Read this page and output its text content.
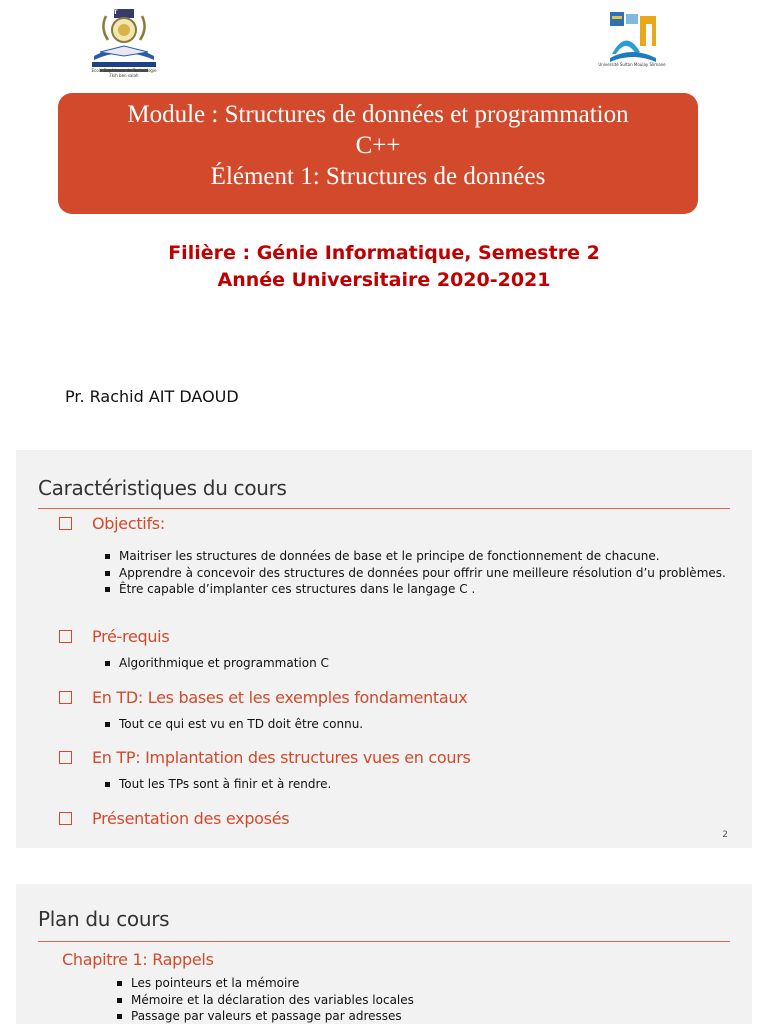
EST
Ecole Supérieure de Technologie
Fkih ben salah
Université Sultan Moulay Slimane
Module : Structures de données et programmation
C++
Élément 1: Structures de données
Filière : Génie Informatique, Semestre 2
Année Universitaire 2020-2021
Pr. Rachid AIT DAOUD
Caractéristiques du cours
Objectifs:
Maitriser les structures de données de base et le principe de fonctionnement de chacune.
Apprendre à concevoir des structures de données pour offrir une meilleure résolution d’u problèmes.
Être capable d’implanter ces structures dans le langage C .
Pré-requis
Algorithmique et programmation C
En TD: Les bases et les exemples fondamentaux
Tout ce qui est vu en TD doit être connu.
En TP: Implantation des structures vues en cours
Tout les TPs sont à finir et à rendre.
Présentation des exposés
2
Plan du cours
Chapitre 1: Rappels
Les pointeurs et la mémoire
Mémoire et la déclaration des variables locales
Passage par valeurs et passage par adresses
